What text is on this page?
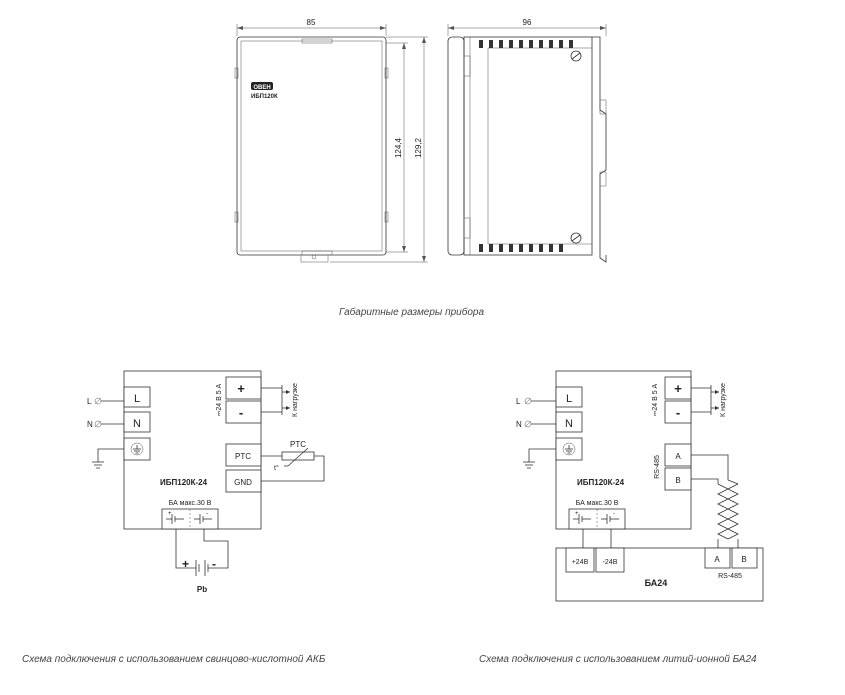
85
ОВЕН
ИБП120К
124,4 129,2
96
L
N
L
N
+
-
⎓24 В 5 А	К нагрузке
PTC
GND
PTC
t°
ИБП120К-24
БА макс.30 В
+	-
+ -
Pb
L
N
L
N
+
-
⎓24 В 5 А	К нагрузке
A
B
RS-485
ИБП120К-24
БА макс.30 В
+	-
+24В -24В	A	B
RS-485
БА24
Габаритные размеры прибора
Схема подключения с использованием свинцово-кислотной АКБ	Схема подключения с использованием литий-ионной БА24
